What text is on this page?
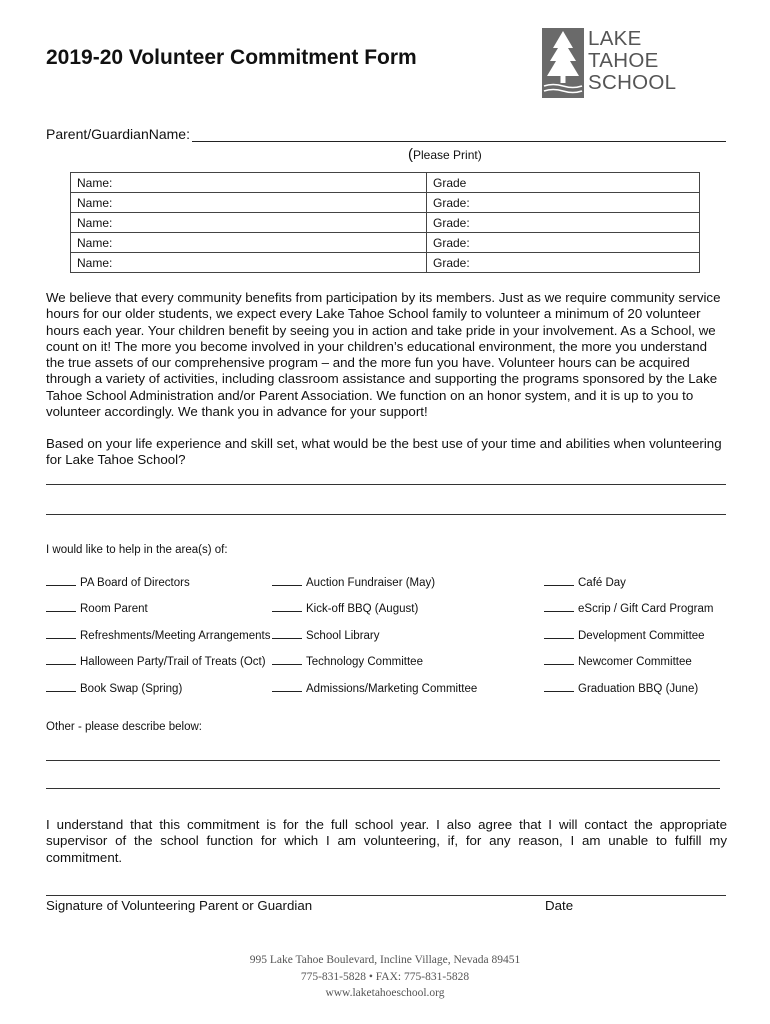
2019-20 Volunteer Commitment Form
LAKE
TAHOE
SCHOOL
Parent/GuardianName:
(Please Print)
Name:	Grade
Name:	Grade:
Name:	Grade:
Name:	Grade:
Name:	Grade:
We believe that every community benefits from participation by its members. Just as we require community service hours for our older students, we expect every Lake Tahoe School family to volunteer a minimum of 20 volunteer hours each year. Your children benefit by seeing you in action and take pride in your involvement. As a School, we count on it! The more you become involved in your children’s educational environment, the more you understand the true assets of our comprehensive program – and the more fun you have. Volunteer hours can be acquired through a variety of activities, including classroom assistance and supporting the programs sponsored by the Lake Tahoe School Administration and/or Parent Association. We function on an honor system, and it is up to you to volunteer accordingly. We thank you in advance for your support!
Based on your life experience and skill set, what would be the best use of your time and abilities when volunteering for Lake Tahoe School?
I would like to help in the area(s) of:
PA Board of Directors
Room Parent
Refreshments/Meeting Arrangements
Halloween Party/Trail of Treats (Oct)
Book Swap (Spring)
Auction Fundraiser (May)
Kick-off BBQ (August)
School Library
Technology Committee
Admissions/Marketing Committee
Café Day
eScrip / Gift Card Program
Development Committee
Newcomer Committee
Graduation BBQ (June)
Other - please describe below:
I understand that this commitment is for the full school year. I also agree that I will contact the appropriate supervisor of the school function for which I am volunteering, if, for any reason, I am unable to fulfill my commitment.
Signature of Volunteering Parent or Guardian	Date
995 Lake Tahoe Boulevard, Incline Village, Nevada 89451
775-831-5828 • FAX: 775-831-5828
www.laketahoeschool.org
